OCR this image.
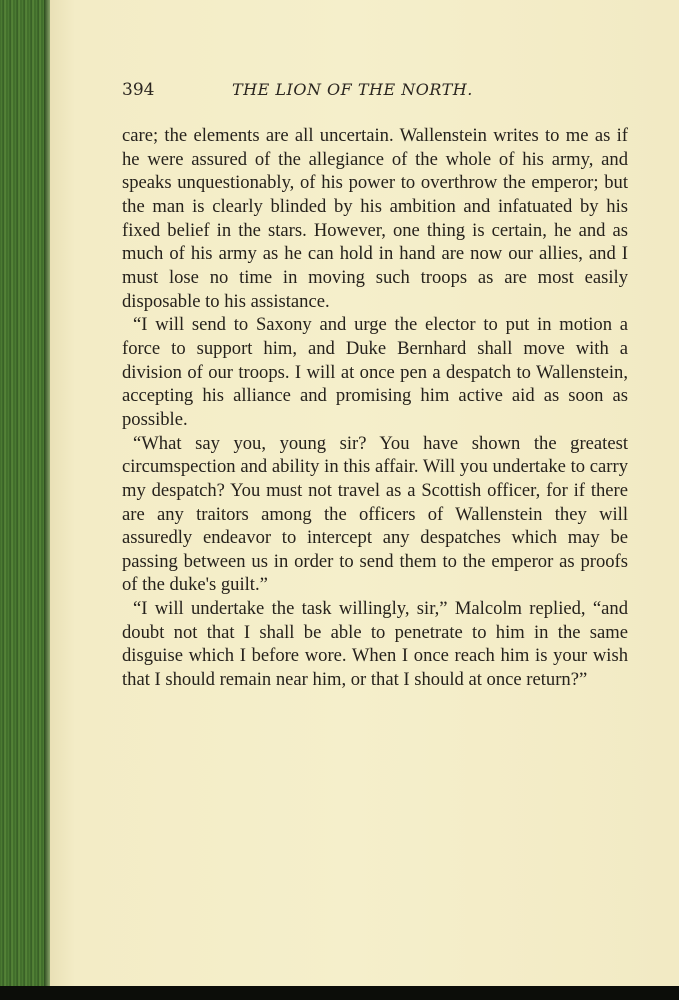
394	THE LION OF THE NORTH.

care; the elements are all uncertain. Wallenstein writes to me as if he were assured of the allegiance of the whole of his army, and speaks unquestionably, of his power to overthrow the emperor; but the man is clearly blinded by his ambition and infatuated by his fixed belief in the stars. However, one thing is certain, he and as much of his army as he can hold in hand are now our allies, and I must lose no time in moving such troops as are most easily disposable to his assistance.

“I will send to Saxony and urge the elector to put in motion a force to support him, and Duke Bernhard shall move with a division of our troops. I will at once pen a despatch to Wallenstein, accepting his alliance and promising him active aid as soon as possible.

“What say you, young sir? You have shown the greatest circumspection and ability in this affair. Will you undertake to carry my despatch? You must not travel as a Scottish officer, for if there are any traitors among the officers of Wallenstein they will assuredly endeavor to intercept any despatches which may be passing between us in order to send them to the emperor as proofs of the duke's guilt.”

“I will undertake the task willingly, sir,” Malcolm replied, “and doubt not that I shall be able to penetrate to him in the same disguise which I before wore. When I once reach him is your wish that I should remain near him, or that I should at once return?”
